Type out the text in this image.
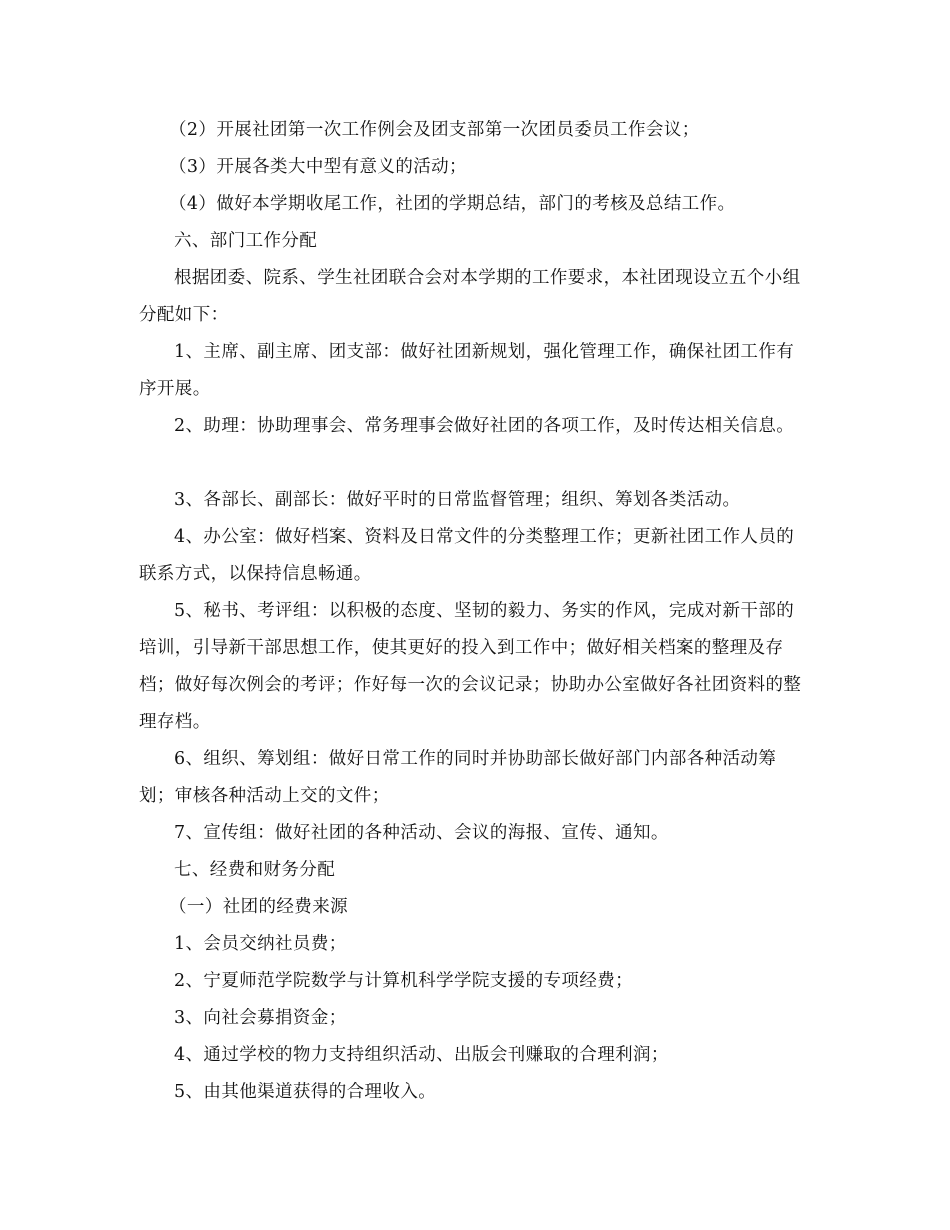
（2）开展社团第一次工作例会及团支部第一次团员委员工作会议；

（3）开展各类大中型有意义的活动；

（4）做好本学期收尾工作，社团的学期总结，部门的考核及总结工作。

六、部门工作分配

根据团委、院系、学生社团联合会对本学期的工作要求，本社团现设立五个小组分配如下：

1、主席、副主席、团支部：做好社团新规划，强化管理工作，确保社团工作有序开展。

2、助理：协助理事会、常务理事会做好社团的各项工作，及时传达相关信息。

3、各部长、副部长：做好平时的日常监督管理；组织、筹划各类活动。

4、办公室：做好档案、资料及日常文件的分类整理工作；更新社团工作人员的联系方式，以保持信息畅通。

5、秘书、考评组：以积极的态度、坚韧的毅力、务实的作风，完成对新干部的培训，引导新干部思想工作，使其更好的投入到工作中；做好相关档案的整理及存档；做好每次例会的考评；作好每一次的会议记录；协助办公室做好各社团资料的整理存档。

6、组织、筹划组：做好日常工作的同时并协助部长做好部门内部各种活动筹划；审核各种活动上交的文件；

7、宣传组：做好社团的各种活动、会议的海报、宣传、通知。

七、经费和财务分配

（一）社团的经费来源

1、会员交纳社员费；

2、宁夏师范学院数学与计算机科学学院支援的专项经费；

3、向社会募捐资金；

4、通过学校的物力支持组织活动、出版会刊赚取的合理利润；

5、由其他渠道获得的合理收入。
